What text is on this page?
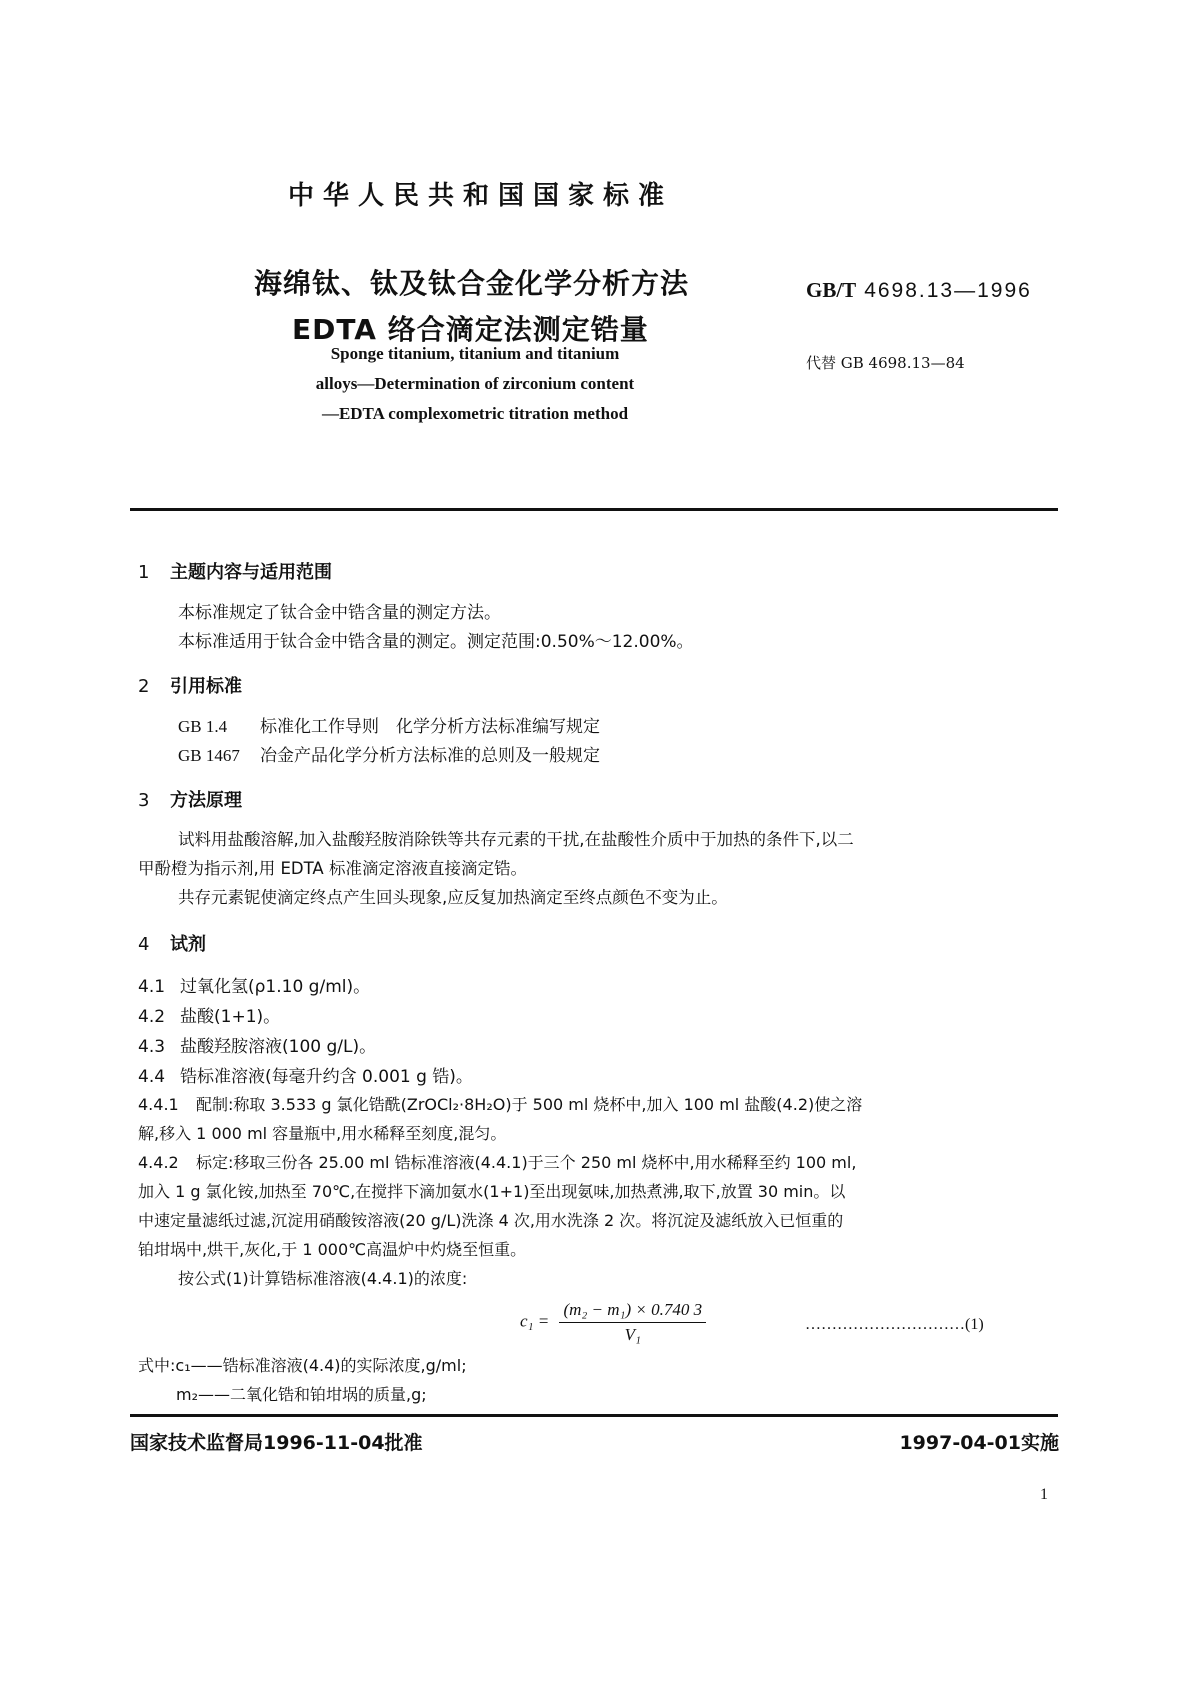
中华人民共和国国家标准
海绵钛、钛及钛合金化学分析方法
EDTA 络合滴定法测定锆量
GB/T 4698.13—1996
代替 GB 4698.13—84
Sponge titanium, titanium and titanium
alloys—Determination of zirconium content
—EDTA complexometric titration method
1 主题内容与适用范围
本标准规定了钛合金中锆含量的测定方法。
本标准适用于钛合金中锆含量的测定。测定范围:0.50%～12.00%。
2 引用标准
GB 1.4 标准化工作导则　化学分析方法标准编写规定
GB 1467 冶金产品化学分析方法标准的总则及一般规定
3 方法原理
试料用盐酸溶解,加入盐酸羟胺消除铁等共存元素的干扰,在盐酸性介质中于加热的条件下,以二
甲酚橙为指示剂,用 EDTA 标准滴定溶液直接滴定锆。
共存元素铌使滴定终点产生回头现象,应反复加热滴定至终点颜色不变为止。
4 试剂
4.1 过氧化氢(ρ1.10 g/ml)。
4.2 盐酸(1+1)。
4.3 盐酸羟胺溶液(100 g/L)。
4.4 锆标准溶液(每毫升约含 0.001 g 锆)。
4.4.1 配制:称取 3.533 g 氯化锆酰(ZrOCl₂·8H₂O)于 500 ml 烧杯中,加入 100 ml 盐酸(4.2)使之溶
解,移入 1 000 ml 容量瓶中,用水稀释至刻度,混匀。
4.4.2 标定:移取三份各 25.00 ml 锆标准溶液(4.4.1)于三个 250 ml 烧杯中,用水稀释至约 100 ml,
加入 1 g 氯化铵,加热至 70℃,在搅拌下滴加氨水(1+1)至出现氨味,加热煮沸,取下,放置 30 min。以
中速定量滤纸过滤,沉淀用硝酸铵溶液(20 g/L)洗涤 4 次,用水洗涤 2 次。将沉淀及滤纸放入已恒重的
铂坩埚中,烘干,灰化,于 1 000℃高温炉中灼烧至恒重。
按公式(1)计算锆标准溶液(4.4.1)的浓度:
$c_1 = \frac{\text{(m₂ − m₁) × 0.740 3}}{\text{V₁}}$	…………………………(1)
式中:c₁——锆标准溶液(4.4)的实际浓度,g/ml;
m₂——二氧化锆和铂坩埚的质量,g;
国家技术监督局1996-11-04批准	1997-04-01实施
1
